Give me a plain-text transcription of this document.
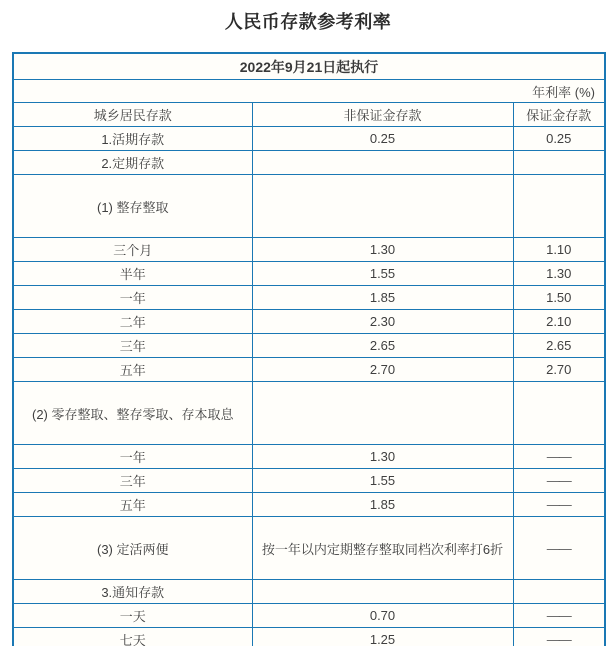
人民币存款参考利率
2022年9月21日起执行		
年利率 (%)		
城乡居民存款	非保证金存款	保证金存款
1.活期存款	0.25	0.25
2.定期存款		
(1) 整存整取		
三个月	1.30	1.10
半年	1.55	1.30
一年	1.85	1.50
二年	2.30	2.10
三年	2.65	2.65
五年	2.70	2.70
(2) 零存整取、整存零取、存本取息		
一年	1.30	——
三年	1.55	——
五年	1.85	——
(3) 定活两便	按一年以内定期整存整取同档次利率打6折	——
3.通知存款		
一天	0.70	——
七天	1.25	——
